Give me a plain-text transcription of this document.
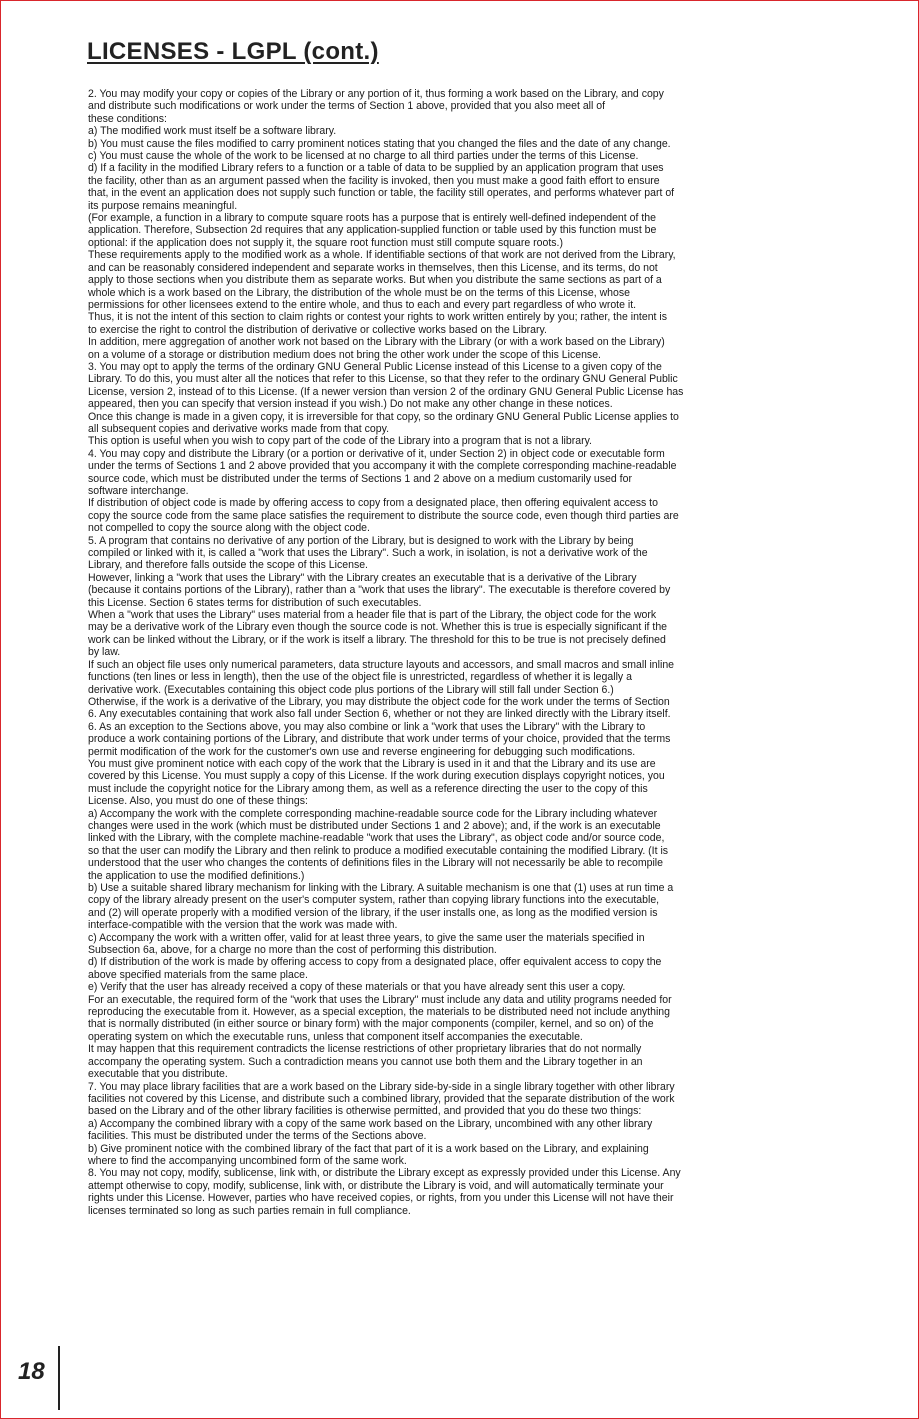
LICENSES - LGPL (cont.)
2. You may modify your copy or copies of the Library or any portion of it, thus forming a work based on the Library, and copy
and distribute such modifications or work under the terms of Section 1 above, provided that you also meet all of
these conditions:
a) The modified work must itself be a software library.
b) You must cause the files modified to carry prominent notices stating that you changed the files and the date of any change.
c) You must cause the whole of the work to be licensed at no charge to all third parties under the terms of this License.
d) If a facility in the modified Library refers to a function or a table of data to be supplied by an application program that uses
the facility, other than as an argument passed when the facility is invoked, then you must make a good faith effort to ensure
that, in the event an application does not supply such function or table, the facility still operates, and performs whatever part of
its purpose remains meaningful.
(For example, a function in a library to compute square roots has a purpose that is entirely well-defined independent of the
application. Therefore, Subsection 2d requires that any application-supplied function or table used by this function must be
optional: if the application does not supply it, the square root function must still compute square roots.)
These requirements apply to the modified work as a whole. If identifiable sections of that work are not derived from the Library,
and can be reasonably considered independent and separate works in themselves, then this License, and its terms, do not
apply to those sections when you distribute them as separate works. But when you distribute the same sections as part of a
whole which is a work based on the Library, the distribution of the whole must be on the terms of this License, whose
permissions for other licensees extend to the entire whole, and thus to each and every part regardless of who wrote it.
Thus, it is not the intent of this section to claim rights or contest your rights to work written entirely by you; rather, the intent is
to exercise the right to control the distribution of derivative or collective works based on the Library.
In addition, mere aggregation of another work not based on the Library with the Library (or with a work based on the Library)
on a volume of a storage or distribution medium does not bring the other work under the scope of this License.
3. You may opt to apply the terms of the ordinary GNU General Public License instead of this License to a given copy of the
Library. To do this, you must alter all the notices that refer to this License, so that they refer to the ordinary GNU General Public
License, version 2, instead of to this License. (If a newer version than version 2 of the ordinary GNU General Public License has
appeared, then you can specify that version instead if you wish.) Do not make any other change in these notices.
Once this change is made in a given copy, it is irreversible for that copy, so the ordinary GNU General Public License applies to
all subsequent copies and derivative works made from that copy.
This option is useful when you wish to copy part of the code of the Library into a program that is not a library.
4. You may copy and distribute the Library (or a portion or derivative of it, under Section 2) in object code or executable form
under the terms of Sections 1 and 2 above provided that you accompany it with the complete corresponding machine-readable
source code, which must be distributed under the terms of Sections 1 and 2 above on a medium customarily used for
software interchange.
If distribution of object code is made by offering access to copy from a designated place, then offering equivalent access to
copy the source code from the same place satisfies the requirement to distribute the source code, even though third parties are
not compelled to copy the source along with the object code.
5. A program that contains no derivative of any portion of the Library, but is designed to work with the Library by being
compiled or linked with it, is called a "work that uses the Library". Such a work, in isolation, is not a derivative work of the
Library, and therefore falls outside the scope of this License.
However, linking a "work that uses the Library" with the Library creates an executable that is a derivative of the Library
(because it contains portions of the Library), rather than a "work that uses the library". The executable is therefore covered by
this License. Section 6 states terms for distribution of such executables.
When a "work that uses the Library" uses material from a header file that is part of the Library, the object code for the work
may be a derivative work of the Library even though the source code is not. Whether this is true is especially significant if the
work can be linked without the Library, or if the work is itself a library. The threshold for this to be true is not precisely defined
by law.
If such an object file uses only numerical parameters, data structure layouts and accessors, and small macros and small inline
functions (ten lines or less in length), then the use of the object file is unrestricted, regardless of whether it is legally a
derivative work. (Executables containing this object code plus portions of the Library will still fall under Section 6.)
Otherwise, if the work is a derivative of the Library, you may distribute the object code for the work under the terms of Section
6. Any executables containing that work also fall under Section 6, whether or not they are linked directly with the Library itself.
6. As an exception to the Sections above, you may also combine or link a "work that uses the Library" with the Library to
produce a work containing portions of the Library, and distribute that work under terms of your choice, provided that the terms
permit modification of the work for the customer's own use and reverse engineering for debugging such modifications.
You must give prominent notice with each copy of the work that the Library is used in it and that the Library and its use are
covered by this License. You must supply a copy of this License. If the work during execution displays copyright notices, you
must include the copyright notice for the Library among them, as well as a reference directing the user to the copy of this
License. Also, you must do one of these things:
a) Accompany the work with the complete corresponding machine-readable source code for the Library including whatever
changes were used in the work (which must be distributed under Sections 1 and 2 above); and, if the work is an executable
linked with the Library, with the complete machine-readable "work that uses the Library", as object code and/or source code,
so that the user can modify the Library and then relink to produce a modified executable containing the modified Library. (It is
understood that the user who changes the contents of definitions files in the Library will not necessarily be able to recompile
the application to use the modified definitions.)
b) Use a suitable shared library mechanism for linking with the Library. A suitable mechanism is one that (1) uses at run time a
copy of the library already present on the user's computer system, rather than copying library functions into the executable,
and (2) will operate properly with a modified version of the library, if the user installs one, as long as the modified version is
interface-compatible with the version that the work was made with.
c) Accompany the work with a written offer, valid for at least three years, to give the same user the materials specified in
Subsection 6a, above, for a charge no more than the cost of performing this distribution.
d) If distribution of the work is made by offering access to copy from a designated place, offer equivalent access to copy the
above specified materials from the same place.
e) Verify that the user has already received a copy of these materials or that you have already sent this user a copy.
For an executable, the required form of the "work that uses the Library" must include any data and utility programs needed for
reproducing the executable from it. However, as a special exception, the materials to be distributed need not include anything
that is normally distributed (in either source or binary form) with the major components (compiler, kernel, and so on) of the
operating system on which the executable runs, unless that component itself accompanies the executable.
It may happen that this requirement contradicts the license restrictions of other proprietary libraries that do not normally
accompany the operating system. Such a contradiction means you cannot use both them and the Library together in an
executable that you distribute.
7. You may place library facilities that are a work based on the Library side-by-side in a single library together with other library
facilities not covered by this License, and distribute such a combined library, provided that the separate distribution of the work
based on the Library and of the other library facilities is otherwise permitted, and provided that you do these two things:
a) Accompany the combined library with a copy of the same work based on the Library, uncombined with any other library
facilities. This must be distributed under the terms of the Sections above.
b) Give prominent notice with the combined library of the fact that part of it is a work based on the Library, and explaining
where to find the accompanying uncombined form of the same work.
8. You may not copy, modify, sublicense, link with, or distribute the Library except as expressly provided under this License. Any
attempt otherwise to copy, modify, sublicense, link with, or distribute the Library is void, and will automatically terminate your
rights under this License. However, parties who have received copies, or rights, from you under this License will not have their
licenses terminated so long as such parties remain in full compliance.
18
